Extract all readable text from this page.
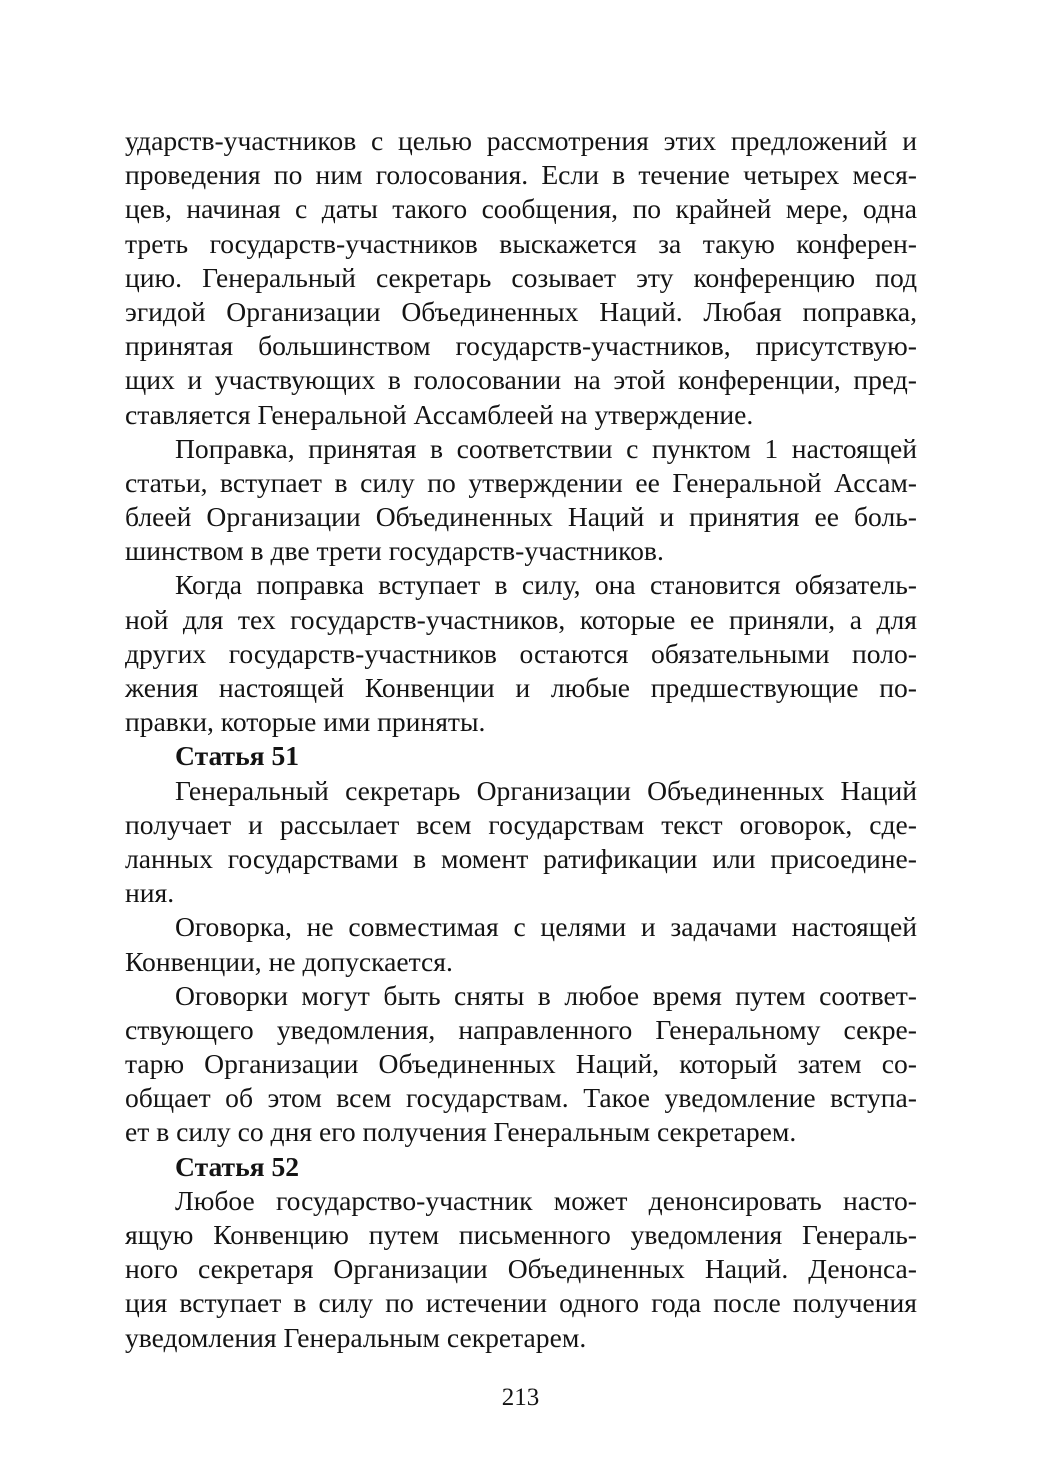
ударств-участников с целью рассмотрения этих предложений и
проведения по ним голосования. Если в течение четырех меся-
цев, начиная с даты такого сообщения, по крайней мере, одна
треть государств-участников выскажется за такую конферен-
цию. Генеральный секретарь созывает эту конференцию под
эгидой Организации Объединенных Наций. Любая поправка,
принятая большинством государств-участников, присутствую-
щих и участвующих в голосовании на этой конференции, пред-
ставляется Генеральной Ассамблеей на утверждение.
Поправка, принятая в соответствии с пунктом 1 настоящей
статьи, вступает в силу по утверждении ее Генеральной Ассам-
блеей Организации Объединенных Наций и принятия ее боль-
шинством в две трети государств-участников.
Когда поправка вступает в силу, она становится обязатель-
ной для тех государств-участников, которые ее приняли, а для
других государств-участников остаются обязательными поло-
жения настоящей Конвенции и любые предшествующие по-
правки, которые ими приняты.
Статья 51
Генеральный секретарь Организации Объединенных Наций
получает и рассылает всем государствам текст оговорок, сде-
ланных государствами в момент ратификации или присоедине-
ния.
Оговорка, не совместимая с целями и задачами настоящей
Конвенции, не допускается.
Оговорки могут быть сняты в любое время путем соответ-
ствующего уведомления, направленного Генеральному секре-
тарю Организации Объединенных Наций, который затем со-
общает об этом всем государствам. Такое уведомление вступа-
ет в силу со дня его получения Генеральным секретарем.
Статья 52
Любое государство-участник может денонсировать насто-
ящую Конвенцию путем письменного уведомления Генераль-
ного секретаря Организации Объединенных Наций. Денонса-
ция вступает в силу по истечении одного года после получения
уведомления Генеральным секретарем.
213
